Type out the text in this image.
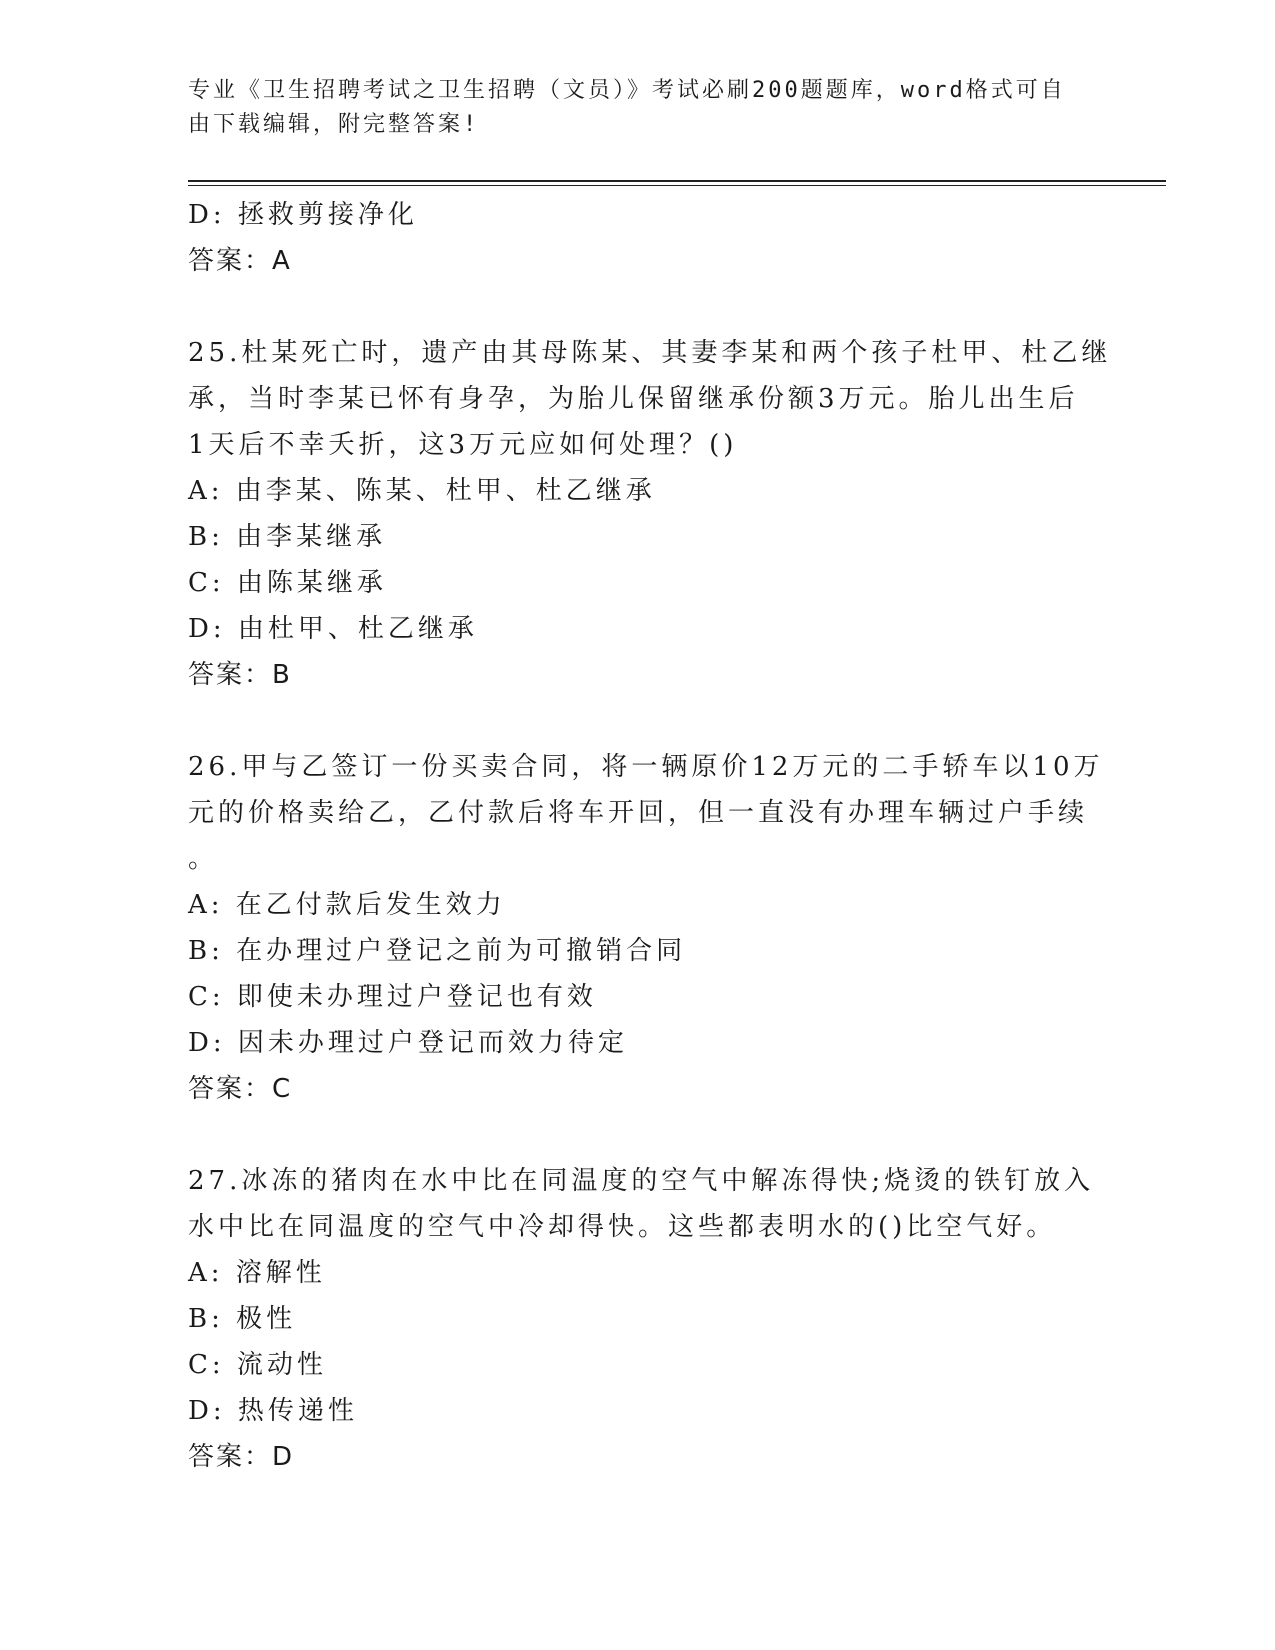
专业《卫生招聘考试之卫生招聘（文员）》考试必刷200题题库，word格式可自
由下载编辑，附完整答案!
D: 拯救剪接净化
答案：A
25.杜某死亡时，遗产由其母陈某、其妻李某和两个孩子杜甲、杜乙继
承，当时李某已怀有身孕，为胎儿保留继承份额3万元。胎儿出生后
1天后不幸夭折，这3万元应如何处理？()
A: 由李某、陈某、杜甲、杜乙继承
B: 由李某继承
C: 由陈某继承
D: 由杜甲、杜乙继承
答案：B
26.甲与乙签订一份买卖合同，将一辆原价12万元的二手轿车以10万
元的价格卖给乙，乙付款后将车开回，但一直没有办理车辆过户手续
。
A: 在乙付款后发生效力
B: 在办理过户登记之前为可撤销合同
C: 即使未办理过户登记也有效
D: 因未办理过户登记而效力待定
答案：C
27.冰冻的猪肉在水中比在同温度的空气中解冻得快;烧烫的铁钉放入
水中比在同温度的空气中冷却得快。这些都表明水的()比空气好。
A: 溶解性
B: 极性
C: 流动性
D: 热传递性
答案：D
